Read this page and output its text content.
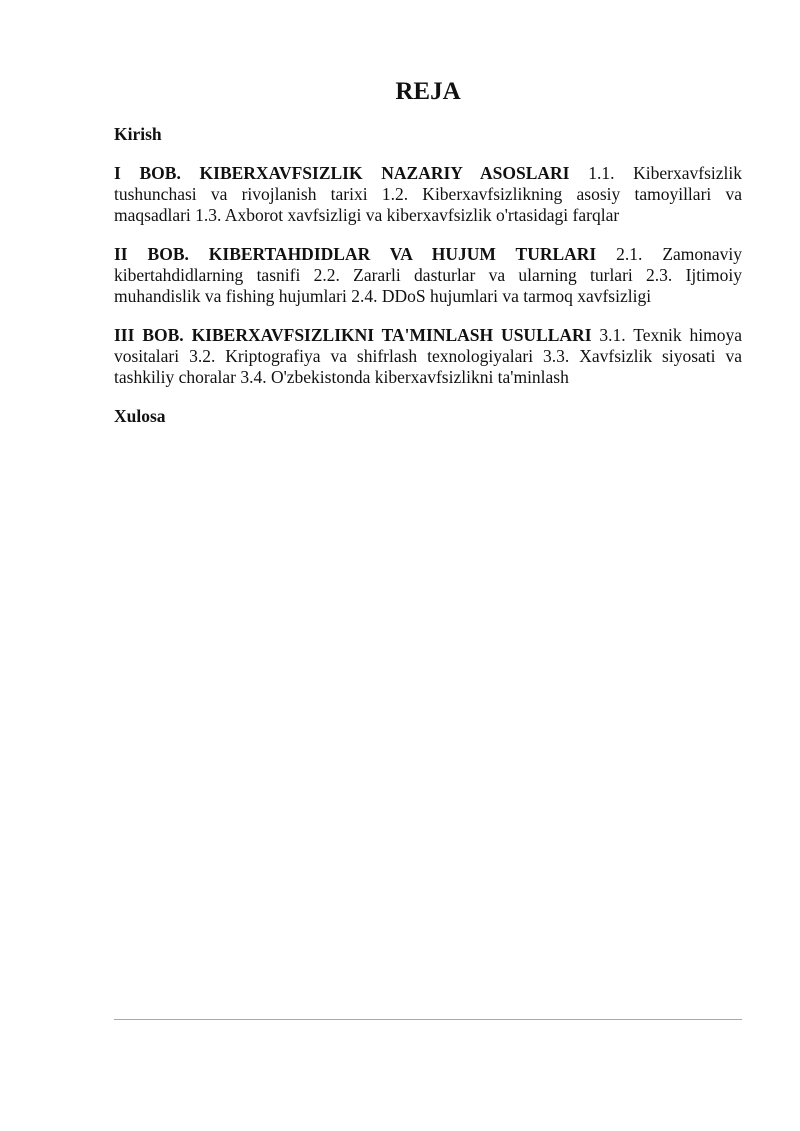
REJA

Kirish

I BOB. KIBERXAVFSIZLIK NAZARIY ASOSLARI 1.1. Kiberxavfsizlik tushunchasi va rivojlanish tarixi 1.2. Kiberxavfsizlikning asosiy tamoyillari va maqsadlari 1.3. Axborot xavfsizligi va kiberxavfsizlik o'rtasidagi farqlar

II BOB. KIBERTAHDIDLAR VA HUJUM TURLARI 2.1. Zamonaviy kibertahdidlarning tasnifi 2.2. Zararli dasturlar va ularning turlari 2.3. Ijtimoiy muhandislik va fishing hujumlari 2.4. DDoS hujumlari va tarmoq xavfsizligi

III BOB. KIBERXAVFSIZLIKNI TA'MINLASH USULLARI 3.1. Texnik himoya vositalari 3.2. Kriptografiya va shifrlash texnologiyalari 3.3. Xavfsizlik siyosati va tashkiliy choralar 3.4. O'zbekistonda kiberxavfsizlikni ta'minlash

Xulosa
